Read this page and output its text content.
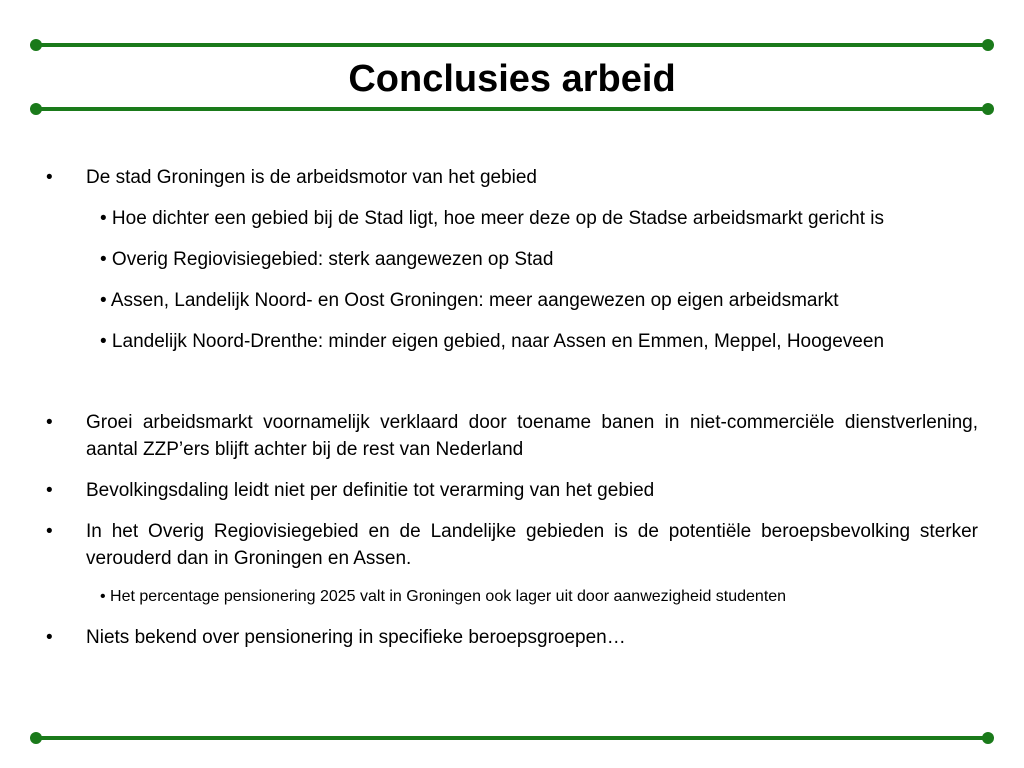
Conclusies arbeid
• De stad Groningen is de arbeidsmotor van het gebied
• Hoe dichter een gebied bij de Stad ligt, hoe meer deze op de Stadse arbeidsmarkt gericht is
• Overig Regiovisiegebied: sterk aangewezen op Stad
• Assen, Landelijk Noord- en Oost Groningen: meer aangewezen op eigen arbeidsmarkt
• Landelijk Noord-Drenthe: minder eigen gebied, naar Assen en Emmen, Meppel, Hoogeveen
• Groei arbeidsmarkt voornamelijk verklaard door toename banen in niet-commerciële dienstverlening, aantal ZZP’ers blijft achter bij de rest van Nederland
• Bevolkingsdaling leidt niet per definitie tot verarming van het gebied
• In het Overig Regiovisiegebied en de Landelijke gebieden is de potentiële beroepsbevolking sterker verouderd dan in Groningen en Assen.
• Het percentage pensionering 2025 valt in Groningen ook lager uit door aanwezigheid studenten
• Niets bekend over pensionering in specifieke beroepsgroepen…
